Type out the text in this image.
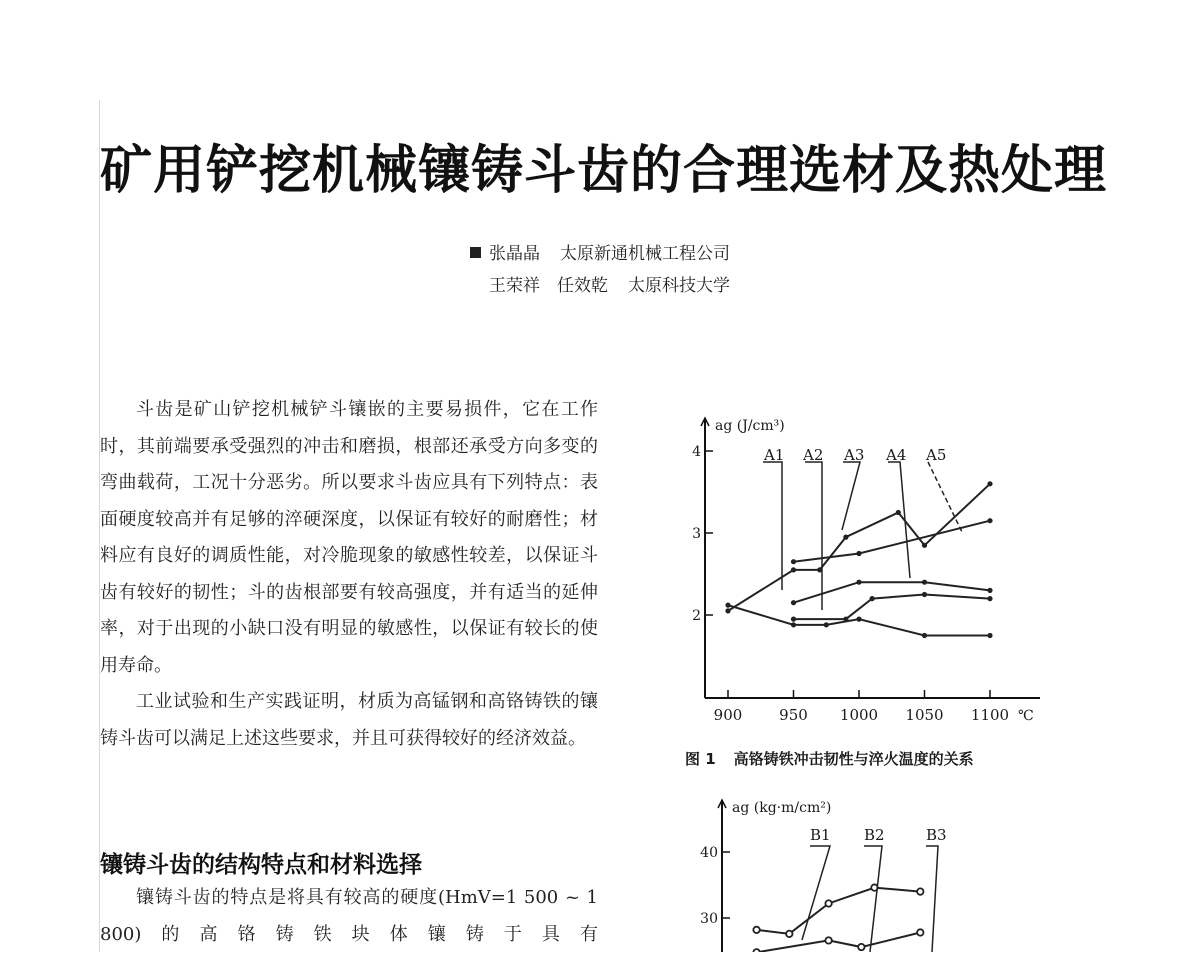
矿用铲挖机械镶铸斗齿的合理选材及热处理
张晶晶 太原新通机械工程公司
王荣祥　任效乾 太原科技大学

斗齿是矿山铲挖机械铲斗镶嵌的主要易损件，它在工作时，其前端要承受强烈的冲击和磨损，根部还承受方向多变的弯曲载荷，工况十分恶劣。所以要求斗齿应具有下列特点：表面硬度较高并有足够的淬硬深度，以保证有较好的耐磨性；材料应有良好的调质性能，对冷脆现象的敏感性较差，以保证斗齿有较好的韧性；斗的齿根部要有较高强度，并有适当的延伸率，对于出现的小缺口没有明显的敏感性，以保证有较长的使用寿命。

工业试验和生产实践证明，材质为高锰钢和高铬铸铁的镶铸斗齿可以满足上述这些要求，并且可获得较好的经济效益。

镶铸斗齿的结构特点和材料选择

镶铸斗齿的特点是将具有较高的硬度(HmV=1 500 ~ 1 800)的高铬铸铁块体镶铸于具有

ag (J/cm³)
2
3
4
900 950 1000 1050 1100 ℃
A1 A2 A3 A4 A5
ag (kg·m/cm²)
30
40
B1 B2	B3
图 1 高铬铸铁冲击韧性与淬火温度的关系
